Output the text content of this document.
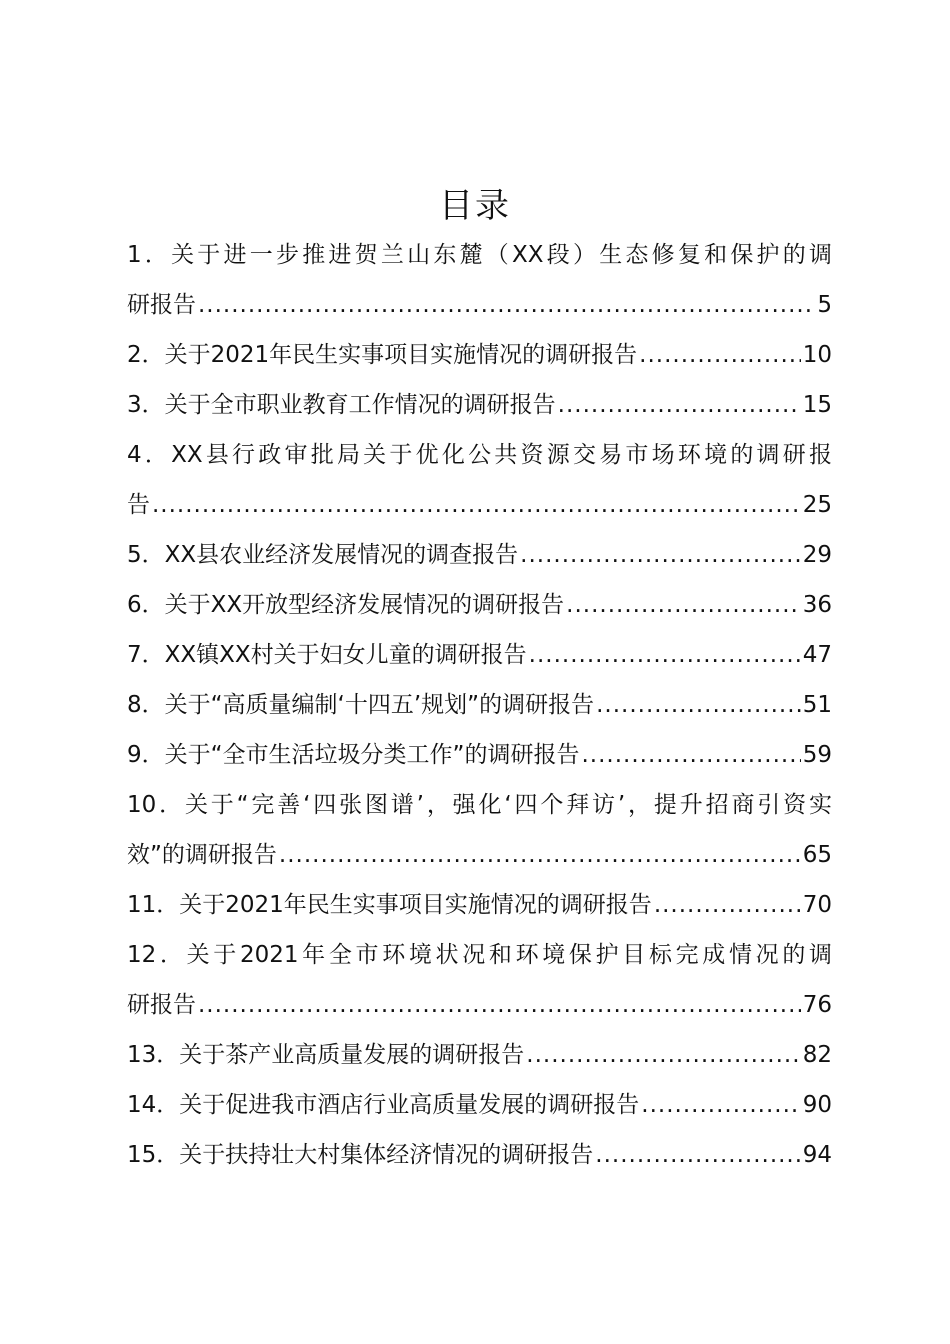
目录
1．关于进一步推进贺兰山东麓（XX段）生态修复和保护的调
研报告 .....	5
2．关于2021年民生实事项目实施情况的调研报告 .....	10
3．关于全市职业教育工作情况的调研报告 .....	15
4．XX县行政审批局关于优化公共资源交易市场环境的调研报
告 .....	25
5．XX县农业经济发展情况的调查报告 .....	29
6．关于XX开放型经济发展情况的调研报告 .....	36
7．XX镇XX村关于妇女儿童的调研报告 .....	47
8．关于“高质量编制‘十四五’规划”的调研报告 .....	51
9．关于“全市生活垃圾分类工作”的调研报告 .....	59
10．关于“完善‘四张图谱’，强化‘四个拜访’，提升招商引资实
效”的调研报告 .....	65
11．关于2021年民生实事项目实施情况的调研报告 .....	70
12．关于2021年全市环境状况和环境保护目标完成情况的调
研报告 .....	76
13．关于茶产业高质量发展的调研报告 .....	82
14．关于促进我市酒店行业高质量发展的调研报告 .....	90
15．关于扶持壮大村集体经济情况的调研报告 .....	94
